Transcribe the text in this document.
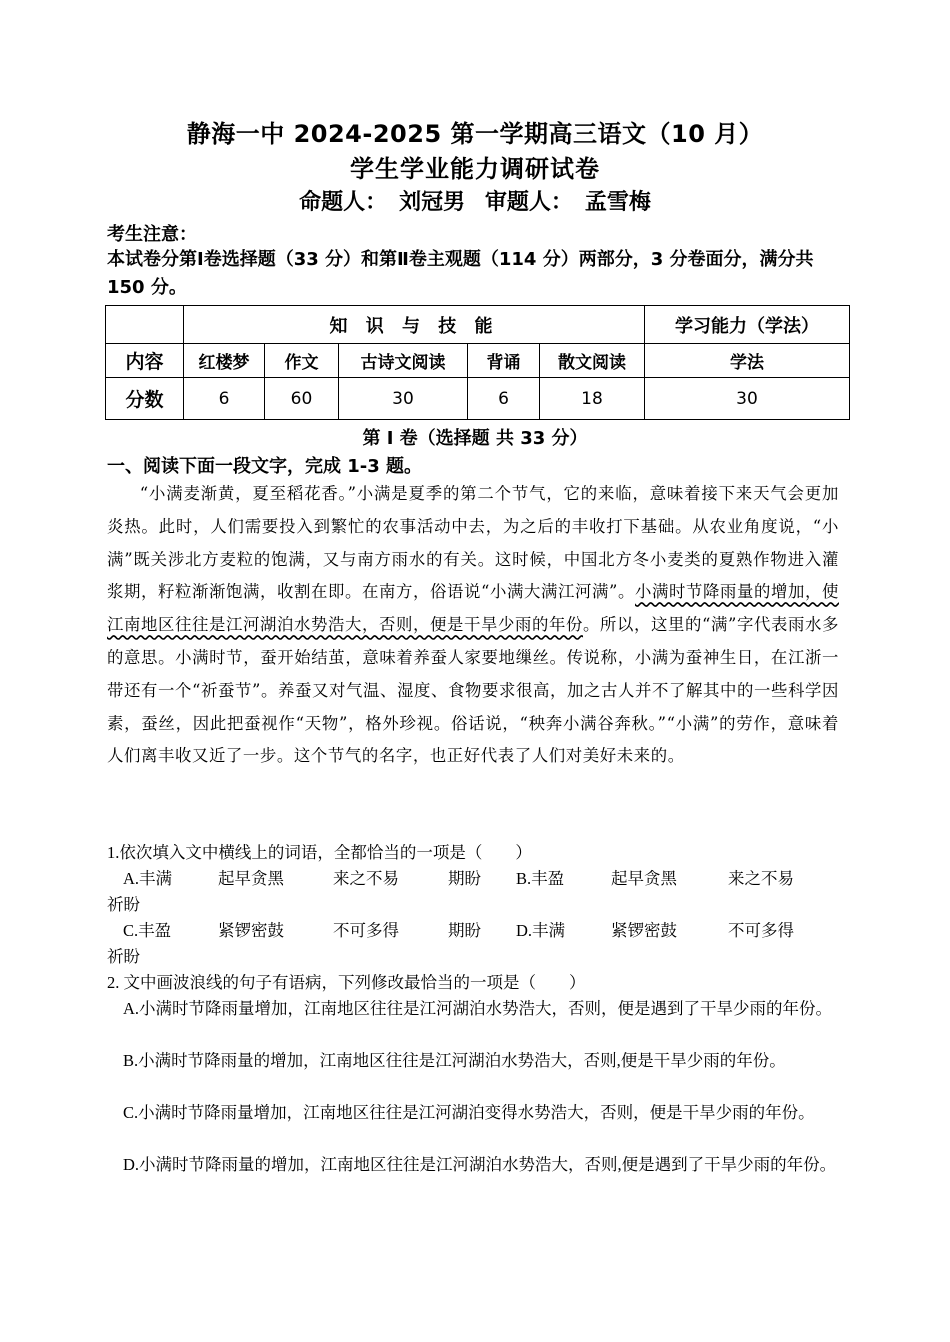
静海一中 2024-2025 第一学期高三语文（10 月）
学生学业能力调研试卷
命题人： 刘冠男 审题人： 孟雪梅
考生注意：
本试卷分第Ⅰ卷选择题（33 分）和第Ⅱ卷主观题（114 分）两部分，3 分卷面分，满分共 150 分。
	知 识 与 技 能					学习能力（学法）
内容	红楼梦	作文	古诗文阅读	背诵	散文阅读	学法
分数	6	60	30	6	18	30
第 Ⅰ 卷（选择题 共 33 分）
一、阅读下面一段文字，完成 1-3 题。
“小满麦渐黄，夏至稻花香。”小满是夏季的第二个节气，它的来临，意味着接下来天气会更加炎热。此时，人们需要投入到繁忙的农事活动中去，为之后的丰收打下基础。从农业角度说，“小满”既关涉北方麦粒的饱满，又与南方雨水的有关。这时候，中国北方冬小麦类的夏熟作物进入灌浆期，籽粒渐渐饱满，收割在即。在南方，俗语说“小满大满江河满”。小满时节降雨量的增加，使江南地区往往是江河湖泊水势浩大，否则，便是干旱少雨的年份。所以，这里的“满”字代表雨水多的意思。小满时节，蚕开始结茧，意味着养蚕人家要地缫丝。传说称，小满为蚕神生日，在江浙一带还有一个“祈蚕节”。养蚕又对气温、湿度、食物要求很高，加之古人并不了解其中的一些科学因素，蚕丝，因此把蚕视作“天物”，格外珍视。俗话说，“秧奔小满谷奔秋。”“小满”的劳作，意味着人们离丰收又近了一步。这个节气的名字，也正好代表了人们对美好未来的。
1.依次填入文中横线上的词语，全都恰当的一项是（　　）
A.丰满	起早贪黑	来之不易	期盼 B.丰盈	起早贪黑	来之不易
祈盼
C.丰盈	紧锣密鼓	不可多得	期盼 D.丰满	紧锣密鼓	不可多得
祈盼
2. 文中画波浪线的句子有语病，下列修改最恰当的一项是（　　）
A.小满时节降雨量增加，江南地区往往是江河湖泊水势浩大，否则，便是遇到了干旱少雨的年份。
B.小满时节降雨量的增加，江南地区往往是江河湖泊水势浩大，否则,便是干旱少雨的年份。
C.小满时节降雨量增加，江南地区往往是江河湖泊变得水势浩大，否则，便是干旱少雨的年份。
D.小满时节降雨量的增加，江南地区往往是江河湖泊水势浩大，否则,便是遇到了干旱少雨的年份。
